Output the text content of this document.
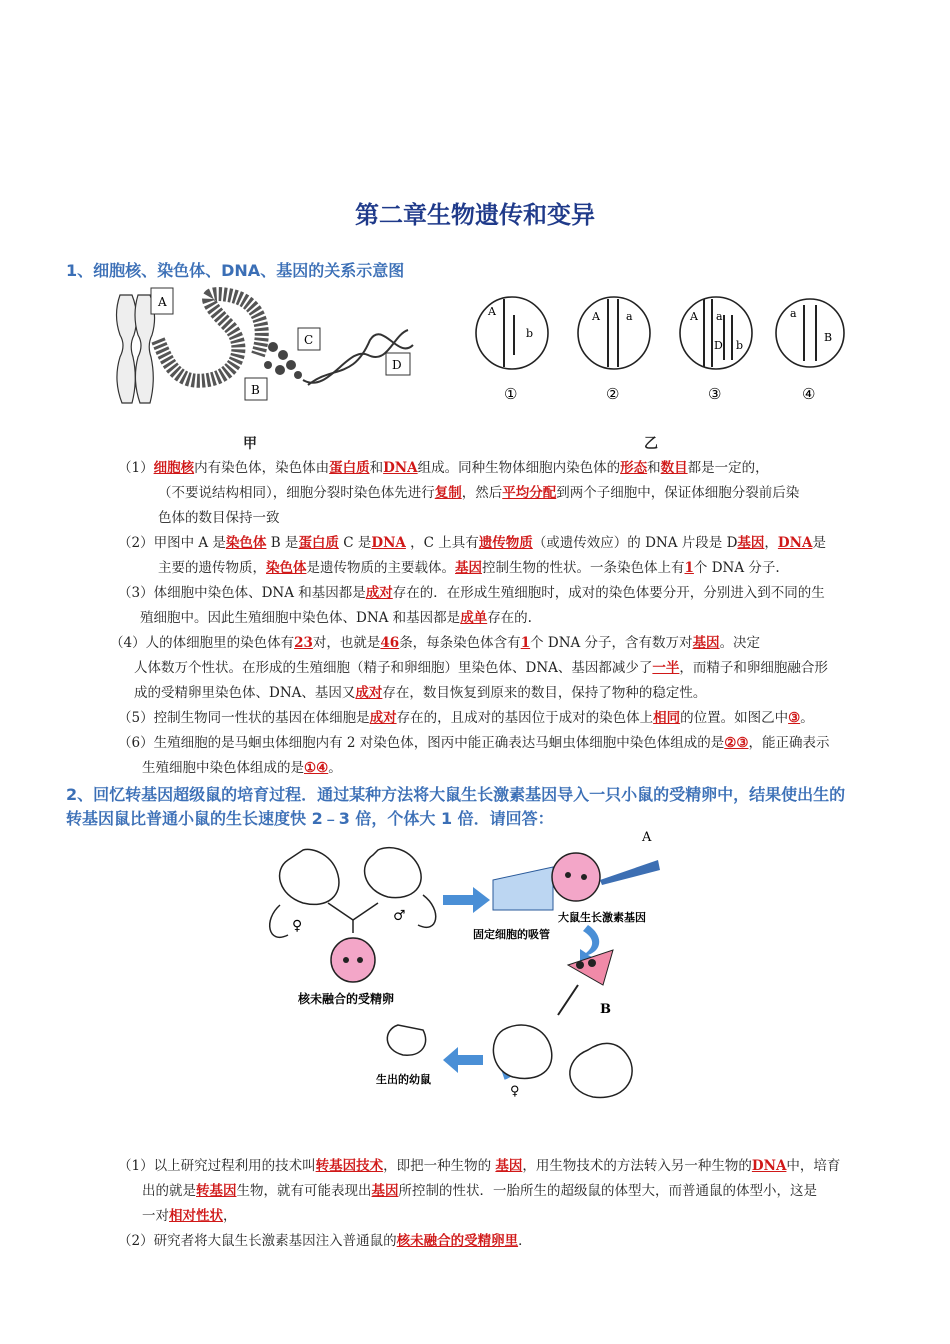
第二章生物遗传和变异
1、细胞核、染色体、DNA、基因的关系示意图
A
B
C
D
A
b
A a	A a
D b
a
B
①	②	③	④
甲	乙
（1）细胞核内有染色体，染色体由蛋白质和DNA组成。同种生物体细胞内染色体的形态和数目都是一定的，
（不要说结构相同），细胞分裂时染色体先进行复制，然后平均分配到两个子细胞中，保证体细胞分裂前后染
色体的数目保持一致
（2）甲图中 A 是染色体 B 是蛋白质 C 是DNA ，C 上具有遗传物质（或遗传效应）的 DNA 片段是 D基因，DNA是
主要的遗传物质，染色体是遗传物质的主要载体。基因控制生物的性状。一条染色体上有1个 DNA 分子.
（3）体细胞中染色体、DNA 和基因都是成对存在的．在形成生殖细胞时，成对的染色体要分开，分别进入到不同的生
殖细胞中。因此生殖细胞中染色体、DNA 和基因都是成单存在的.
（4）人的体细胞里的染色体有23对，也就是46条，每条染色体含有1个 DNA 分子，含有数万对基因。决定
人体数万个性状。在形成的生殖细胞（精子和卵细胞）里染色体、DNA、基因都减少了一半，而精子和卵细胞融合形
成的受精卵里染色体、DNA、基因又成对存在，数目恢复到原来的数目，保持了物种的稳定性。
（5）控制生物同一性状的基因在体细胞是成对存在的，且成对的基因位于成对的染色体上相同的位置。如图乙中③。
（6）生殖细胞的是马蛔虫体细胞内有 2 对染色体，图丙中能正确表达马蛔虫体细胞中染色体组成的是②③，能正确表示
生殖细胞中染色体组成的是①④。
2、回忆转基因超级鼠的培育过程．通过某种方法将大鼠生长激素基因导入一只小鼠的受精卵中，结果使出生的
转基因鼠比普通小鼠的生长速度快 2﹣3 倍，个体大 1 倍．请回答：
♀
♂
核未融合的受精卵
A
大鼠生长激素基因
固定细胞的吸管
B
♀
生出的幼鼠
（1）以上研究过程利用的技术叫转基因技术，即把一种生物的 基因，用生物技术的方法转入另一种生物的DNA中，培育
出的就是转基因生物，就有可能表现出基因所控制的性状．一胎所生的超级鼠的体型大，而普通鼠的体型小，这是
一对相对性状，
（2）研究者将大鼠生长激素基因注入普通鼠的核未融合的受精卵里．
